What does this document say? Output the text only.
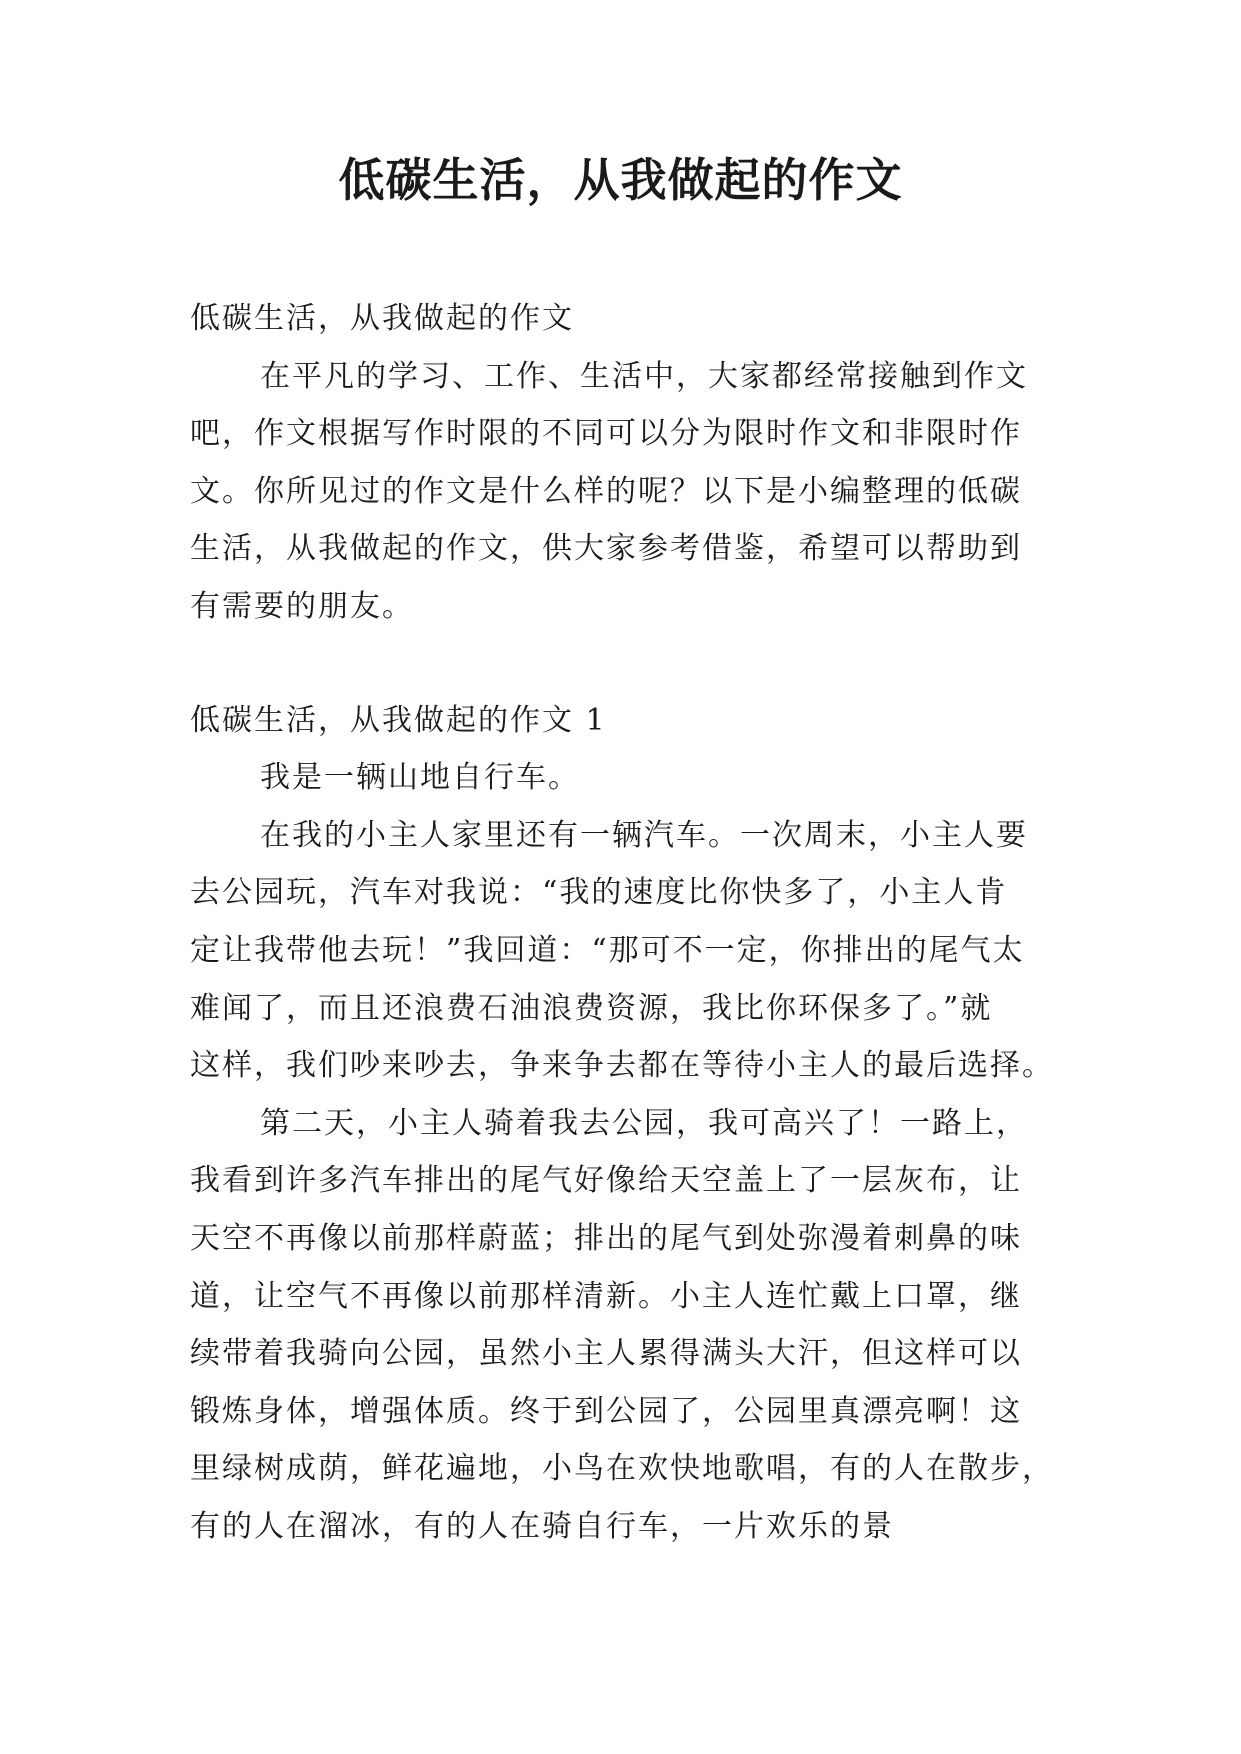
低碳生活，从我做起的作文
低碳生活，从我做起的作文
在平凡的学习、工作、生活中，大家都经常接触到作文
吧，作文根据写作时限的不同可以分为限时作文和非限时作
文。你所见过的作文是什么样的呢？以下是小编整理的低碳
生活，从我做起的作文，供大家参考借鉴，希望可以帮助到
有需要的朋友。
低碳生活，从我做起的作文 1
我是一辆山地自行车。
在我的小主人家里还有一辆汽车。一次周末，小主人要
去公园玩，汽车对我说：“我的速度比你快多了，小主人肯
定让我带他去玩！”我回道：“那可不一定，你排出的尾气太
难闻了，而且还浪费石油浪费资源，我比你环保多了。”就
这样，我们吵来吵去，争来争去都在等待小主人的最后选择。
第二天，小主人骑着我去公园，我可高兴了！一路上，
我看到许多汽车排出的尾气好像给天空盖上了一层灰布，让
天空不再像以前那样蔚蓝；排出的尾气到处弥漫着刺鼻的味
道，让空气不再像以前那样清新。小主人连忙戴上口罩，继
续带着我骑向公园，虽然小主人累得满头大汗，但这样可以
锻炼身体，增强体质。终于到公园了，公园里真漂亮啊！这
里绿树成荫，鲜花遍地，小鸟在欢快地歌唱，有的人在散步，
有的人在溜冰，有的人在骑自行车，一片欢乐的景
